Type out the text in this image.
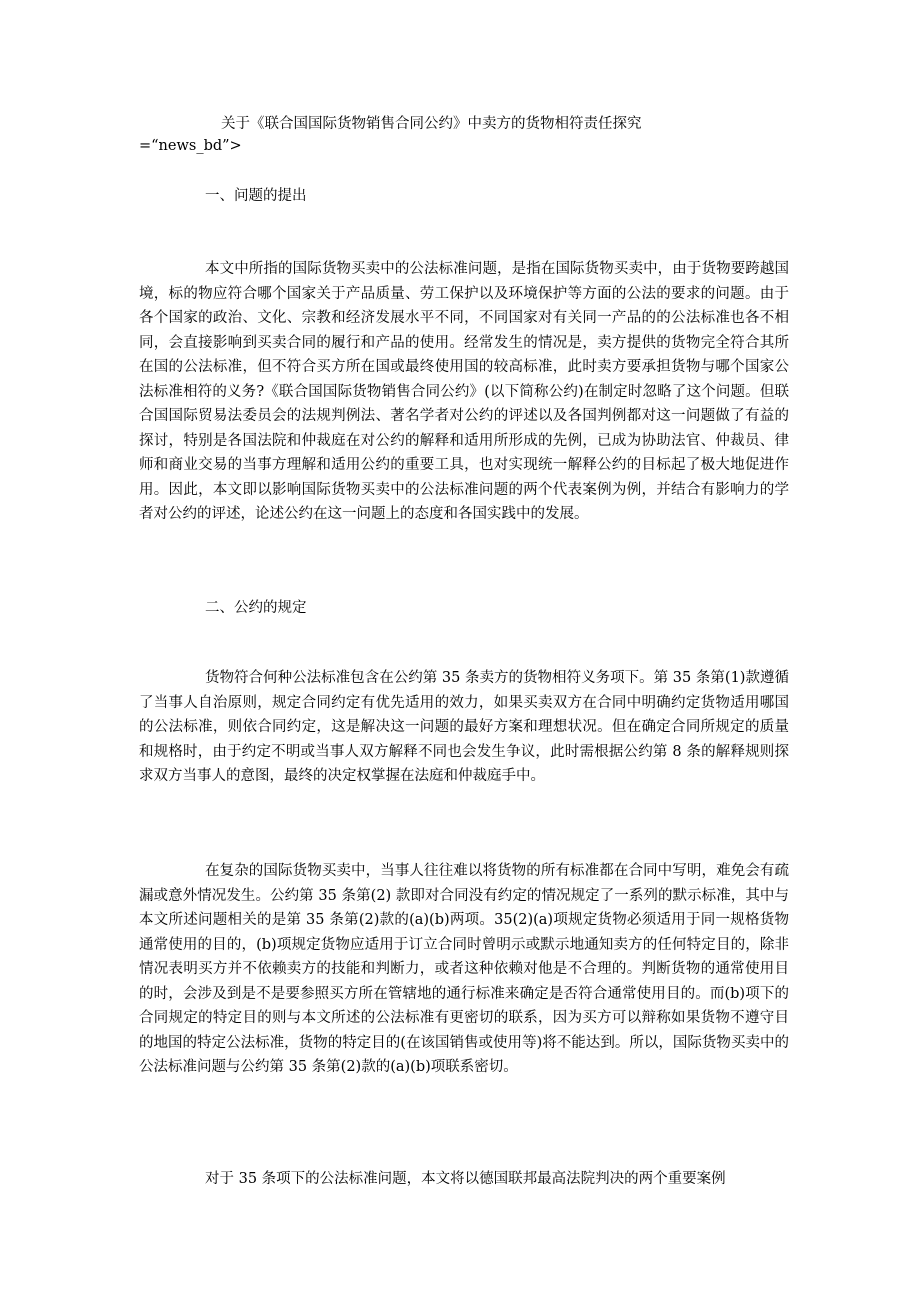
关于《联合国国际货物销售合同公约》中卖方的货物相符责任探究
=“news_bd”>
一、问题的提出

本文中所指的国际货物买卖中的公法标准问题，是指在国际货物买卖中，由于货物要跨越国境，标的物应符合哪个国家关于产品质量、劳工保护以及环境保护等方面的公法的要求的问题。由于各个国家的政治、文化、宗教和经济发展水平不同，不同国家对有关同一产品的的公法标准也各不相同，会直接影响到买卖合同的履行和产品的使用。经常发生的情况是，卖方提供的货物完全符合其所在国的公法标准，但不符合买方所在国或最终使用国的较高标准，此时卖方要承担货物与哪个国家公法标准相符的义务?《联合国国际货物销售合同公约》(以下简称公约)在制定时忽略了这个问题。但联合国国际贸易法委员会的法规判例法、著名学者对公约的评述以及各国判例都对这一问题做了有益的探讨，特别是各国法院和仲裁庭在对公约的解释和适用所形成的先例，已成为协助法官、仲裁员、律师和商业交易的当事方理解和适用公约的重要工具，也对实现统一解释公约的目标起了极大地促进作用。因此，本文即以影响国际货物买卖中的公法标准问题的两个代表案例为例，并结合有影响力的学者对公约的评述，论述公约在这一问题上的态度和各国实践中的发展。

二、公约的规定

货物符合何种公法标准包含在公约第 35 条卖方的货物相符义务项下。第 35 条第(1)款遵循了当事人自治原则，规定合同约定有优先适用的效力，如果买卖双方在合同中明确约定货物适用哪国的公法标准，则依合同约定，这是解决这一问题的最好方案和理想状况。但在确定合同所规定的质量和规格时，由于约定不明或当事人双方解释不同也会发生争议，此时需根据公约第 8 条的解释规则探求双方当事人的意图，最终的决定权掌握在法庭和仲裁庭手中。

在复杂的国际货物买卖中，当事人往往难以将货物的所有标准都在合同中写明，难免会有疏漏或意外情况发生。公约第 35 条第(2) 款即对合同没有约定的情况规定了一系列的默示标准，其中与本文所述问题相关的是第 35 条第(2)款的(a)(b)两项。35(2)(a)项规定货物必须适用于同一规格货物通常使用的目的，(b)项规定货物应适用于订立合同时曾明示或默示地通知卖方的任何特定目的，除非情况表明买方并不依赖卖方的技能和判断力，或者这种依赖对他是不合理的。判断货物的通常使用目的时，会涉及到是不是要参照买方所在管辖地的通行标准来确定是否符合通常使用目的。而(b)项下的合同规定的特定目的则与本文所述的公法标准有更密切的联系，因为买方可以辩称如果货物不遵守目的地国的特定公法标准，货物的特定目的(在该国销售或使用等)将不能达到。所以，国际货物买卖中的公法标准问题与公约第 35 条第(2)款的(a)(b)项联系密切。

对于 35 条项下的公法标准问题，本文将以德国联邦最高法院判决的两个重要案例
